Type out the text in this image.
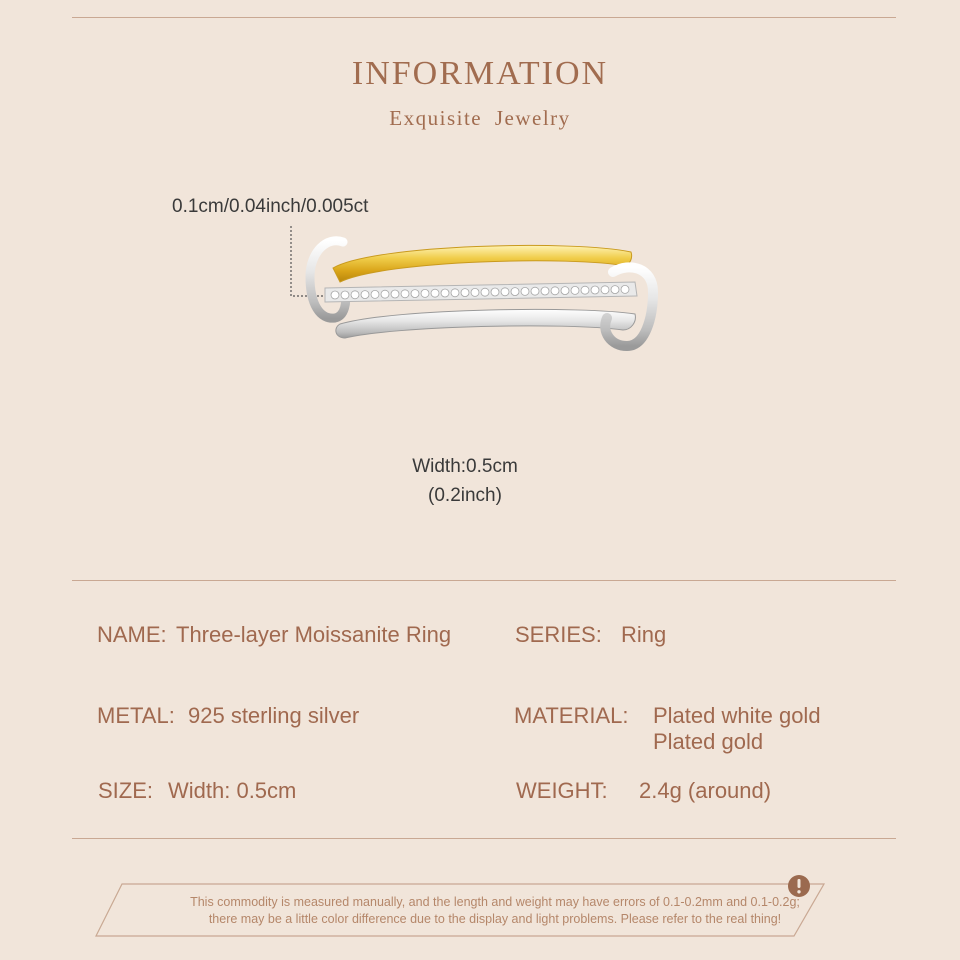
INFORMATION
Exquisite Jewelry
0.1cm/0.04inch/0.005ct
Width:0.5cm
(0.2inch)
NAME: Three-layer Moissanite Ring	SERIES: Ring
METAL: 925 sterling silver	MATERIAL: Plated white gold
Plated gold
SIZE: Width: 0.5cm	WEIGHT: 2.4g (around)
This commodity is measured manually, and the length and weight may have errors of 0.1-0.2mm and 0.1-0.2g;
there may be a little color difference due to the display and light problems. Please refer to the real thing!
